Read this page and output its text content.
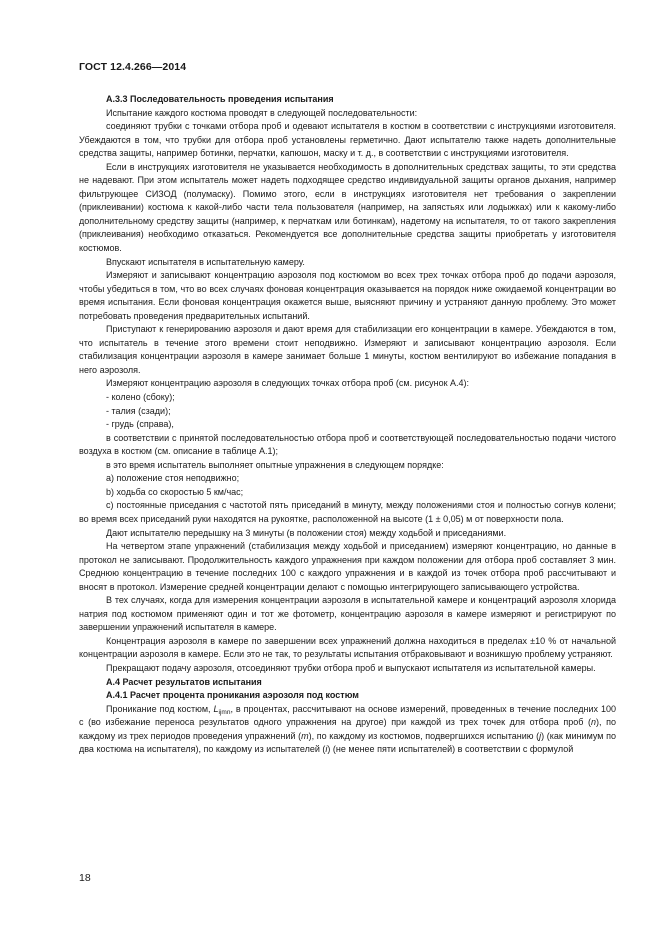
ГОСТ 12.4.266—2014

А.3.3 Последовательность проведения испытания

Испытание каждого костюма проводят в следующей последовательности:

соединяют трубки с точками отбора проб и одевают испытателя в костюм в соответствии с инструкциями изготовителя. Убеждаются в том, что трубки для отбора проб установлены герметично. Дают испытателю также надеть дополнительные средства защиты, например ботинки, перчатки, капюшон, маску и т. д., в соответствии с инструкциями изготовителя.

Если в инструкциях изготовителя не указывается необходимость в дополнительных средствах защиты, то эти средства не надевают. При этом испытатель может надеть подходящее средство индивидуальной защиты органов дыхания, например фильтрующее СИЗОД (полумаску). Помимо этого, если в инструкциях изготовителя нет требования о закреплении (приклеивании) костюма к какой-либо части тела пользователя (например, на запястьях или лодыжках) или к какому-либо дополнительному средству защиты (например, к перчаткам или ботинкам), надетому на испытателя, то от такого закрепления (приклеивания) необходимо отказаться. Рекомендуется все дополнительные средства защиты приобретать у изготовителя костюмов.

Впускают испытателя в испытательную камеру.

Измеряют и записывают концентрацию аэрозоля под костюмом во всех трех точках отбора проб до подачи аэрозоля, чтобы убедиться в том, что во всех случаях фоновая концентрация оказывается на порядок ниже ожидаемой концентрации во время испытания. Если фоновая концентрация окажется выше, выясняют причину и устраняют данную проблему. Это может потребовать проведения предварительных испытаний.

Приступают к генерированию аэрозоля и дают время для стабилизации его концентрации в камере. Убеждаются в том, что испытатель в течение этого времени стоит неподвижно. Измеряют и записывают концентрацию аэрозоля. Если стабилизация концентрации аэрозоля в камере занимает больше 1 минуты, костюм вентилируют во избежание попадания в него аэрозоля.

Измеряют концентрацию аэрозоля в следующих точках отбора проб (см. рисунок А.4):

- колено (сбоку);

- талия (сзади);

- грудь (справа),

в соответствии с принятой последовательностью отбора проб и соответствующей последовательностью подачи чистого воздуха в костюм (см. описание в таблице А.1);

в это время испытатель выполняет опытные упражнения в следующем порядке:

a) положение стоя неподвижно;

b) ходьба со скоростью 5 км/час;

c) постоянные приседания с частотой пять приседаний в минуту, между положениями стоя и полностью согнув колени; во время всех приседаний руки находятся на рукоятке, расположенной на высоте (1 ± 0,05) м от поверхности пола.

Дают испытателю передышку на 3 минуты (в положении стоя) между ходьбой и приседаниями.

На четвертом этапе упражнений (стабилизация между ходьбой и приседанием) измеряют концентрацию, но данные в протокол не записывают. Продолжительность каждого упражнения при каждом положении для отбора проб составляет 3 мин. Среднюю концентрацию в течение последних 100 с каждого упражнения и в каждой из точек отбора проб рассчитывают и вносят в протокол. Измерение средней концентрации делают с помощью интегрирующего записывающего устройства.

В тех случаях, когда для измерения концентрации аэрозоля в испытательной камере и концентраций аэрозоля хлорида натрия под костюмом применяют один и тот же фотометр, концентрацию аэрозоля в камере измеряют и регистрируют по завершении упражнений испытателя в камере.

Концентрация аэрозоля в камере по завершении всех упражнений должна находиться в пределах ±10 % от начальной концентрации аэрозоля в камере. Если это не так, то результаты испытания отбраковывают и возникшую проблему устраняют.

Прекращают подачу аэрозоля, отсоединяют трубки отбора проб и выпускают испытателя из испытательной камеры.

А.4 Расчет результатов испытания

А.4.1 Расчет процента проникания аэрозоля под костюм

Проникание под костюм, $L_{ijmn}$, в процентах, рассчитывают на основе измерений, проведенных в течение последних 100 с (во избежание переноса результатов одного упражнения на другое) при каждой из трех точек для отбора проб (n), по каждому из трех периодов проведения упражнений (m), по каждому из костюмов, подвергшихся испытанию (j) (как минимум по два костюма на испытателя), по каждому из испытателей (i) (не менее пяти испытателей) в соответствии с формулой

18
